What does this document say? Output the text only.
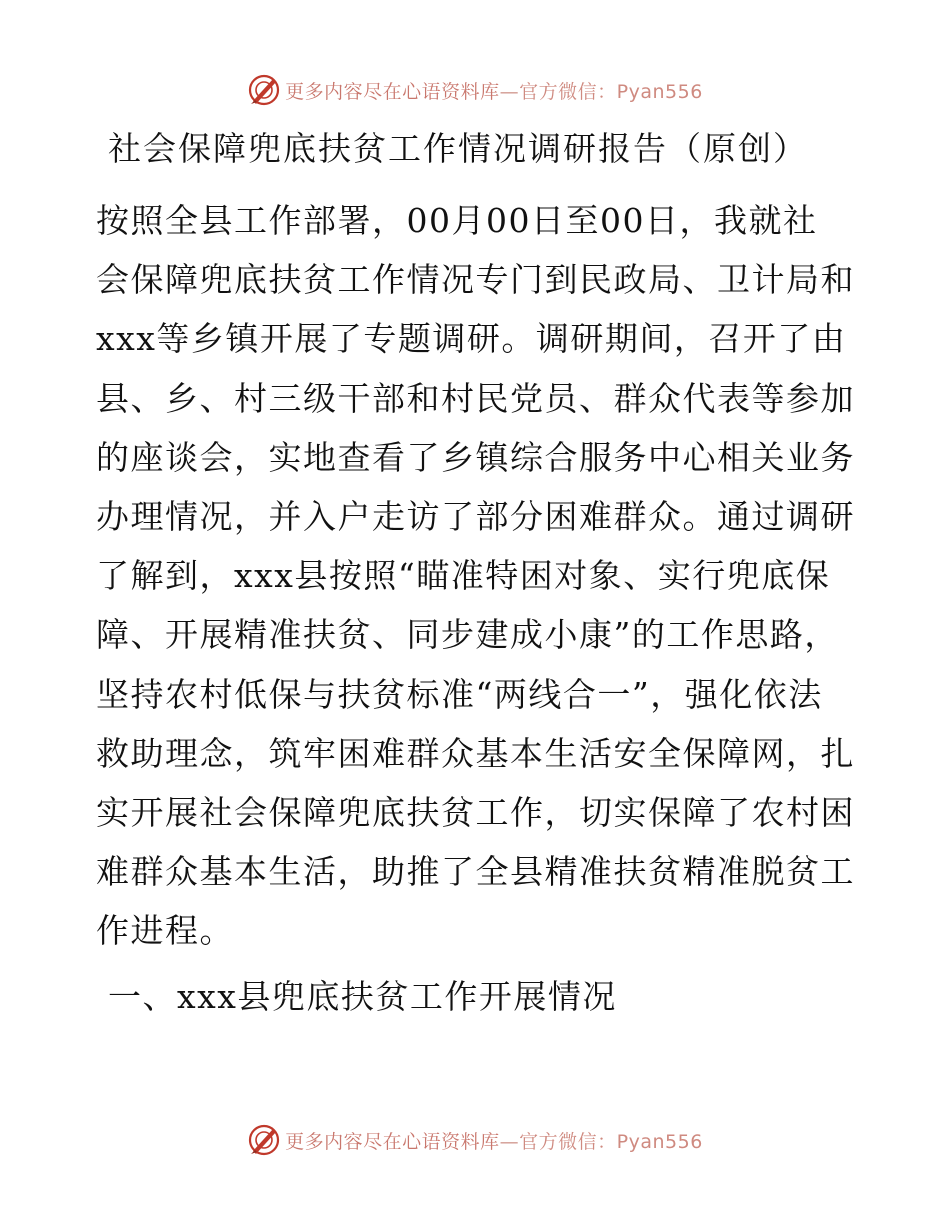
更多内容尽在心语资料库—官方微信：Pyan556
社会保障兜底扶贫工作情况调研报告（原创）
按照全县工作部署，00月00日至00日，我就社
会保障兜底扶贫工作情况专门到民政局、卫计局和
xxx等乡镇开展了专题调研。调研期间，召开了由
县、乡、村三级干部和村民党员、群众代表等参加
的座谈会，实地查看了乡镇综合服务中心相关业务
办理情况，并入户走访了部分困难群众。通过调研
了解到，xxx县按照“瞄准特困对象、实行兜底保
障、开展精准扶贫、同步建成小康”的工作思路，
坚持农村低保与扶贫标准“两线合一”，强化依法
救助理念，筑牢困难群众基本生活安全保障网，扎
实开展社会保障兜底扶贫工作，切实保障了农村困
难群众基本生活，助推了全县精准扶贫精准脱贫工
作进程。
一、xxx县兜底扶贫工作开展情况
更多内容尽在心语资料库—官方微信：Pyan556
